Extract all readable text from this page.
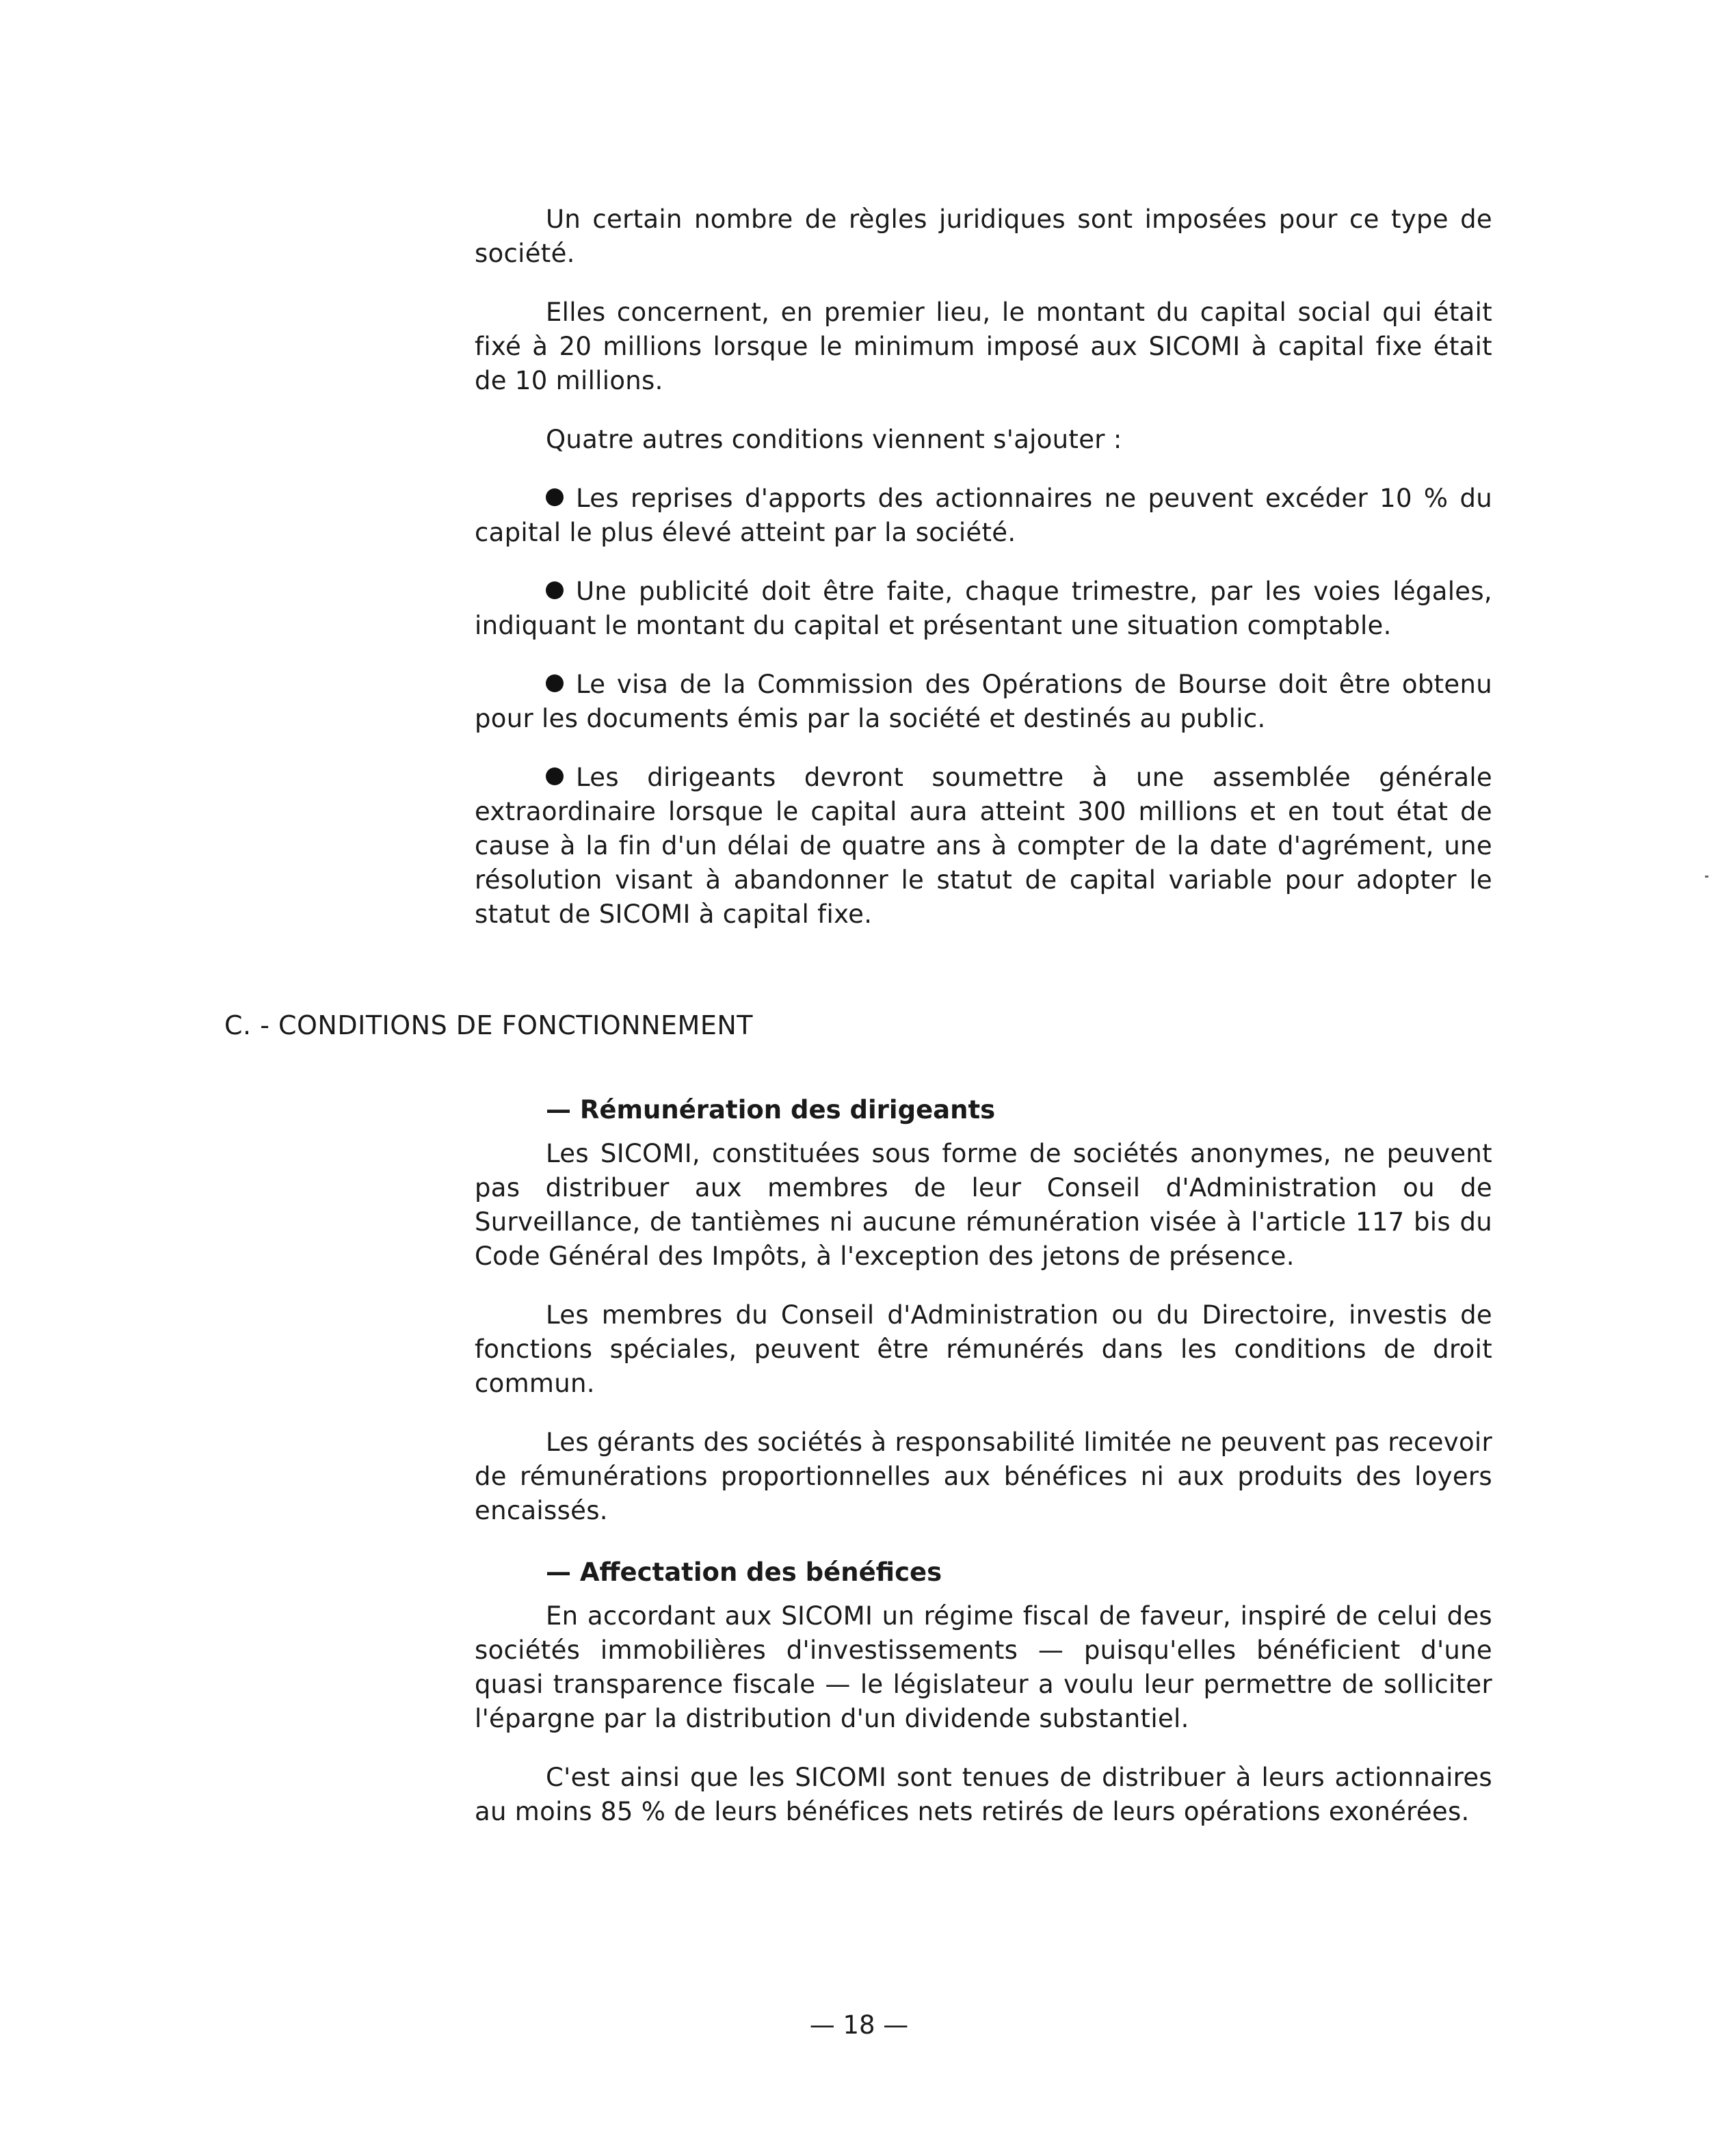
Un certain nombre de règles juridiques sont imposées pour ce type de société.

Elles concernent, en premier lieu, le montant du capital social qui était fixé à 20 millions lorsque le minimum imposé aux SICOMI à capital fixe était de 10 millions.

Quatre autres conditions viennent s'ajouter :

Les reprises d'apports des actionnaires ne peuvent excéder 10 % du capital le plus élevé atteint par la société.

Une publicité doit être faite, chaque trimestre, par les voies légales, indiquant le montant du capital et présentant une situation comptable.

Le visa de la Commission des Opérations de Bourse doit être obtenu pour les documents émis par la société et destinés au public.

Les dirigeants devront soumettre à une assemblée générale extraordinaire lorsque le capital aura atteint 300 millions et en tout état de cause à la fin d'un délai de quatre ans à compter de la date d'agrément, une résolution visant à abandonner le statut de capital variable pour adopter le statut de SICOMI à capital fixe.

C. - CONDITIONS DE FONCTIONNEMENT
— Rémunération des dirigeants

Les SICOMI, constituées sous forme de sociétés anonymes, ne peuvent pas distribuer aux membres de leur Conseil d'Administration ou de Surveillance, de tantièmes ni aucune rémunération visée à l'article 117 bis du Code Général des Impôts, à l'exception des jetons de présence.

Les membres du Conseil d'Administration ou du Directoire, investis de fonctions spéciales, peuvent être rémunérés dans les conditions de droit commun.

Les gérants des sociétés à responsabilité limitée ne peuvent pas recevoir de rémunérations proportionnelles aux bénéfices ni aux produits des loyers encaissés.

— Affectation des bénéfices

En accordant aux SICOMI un régime fiscal de faveur, inspiré de celui des sociétés immobilières d'investissements — puisqu'elles bénéficient d'une quasi transparence fiscale — le législateur a voulu leur permettre de solliciter l'épargne par la distribution d'un dividende substantiel.

C'est ainsi que les SICOMI sont tenues de distribuer à leurs actionnaires au moins 85 % de leurs bénéfices nets retirés de leurs opérations exonérées.

— 18 —
